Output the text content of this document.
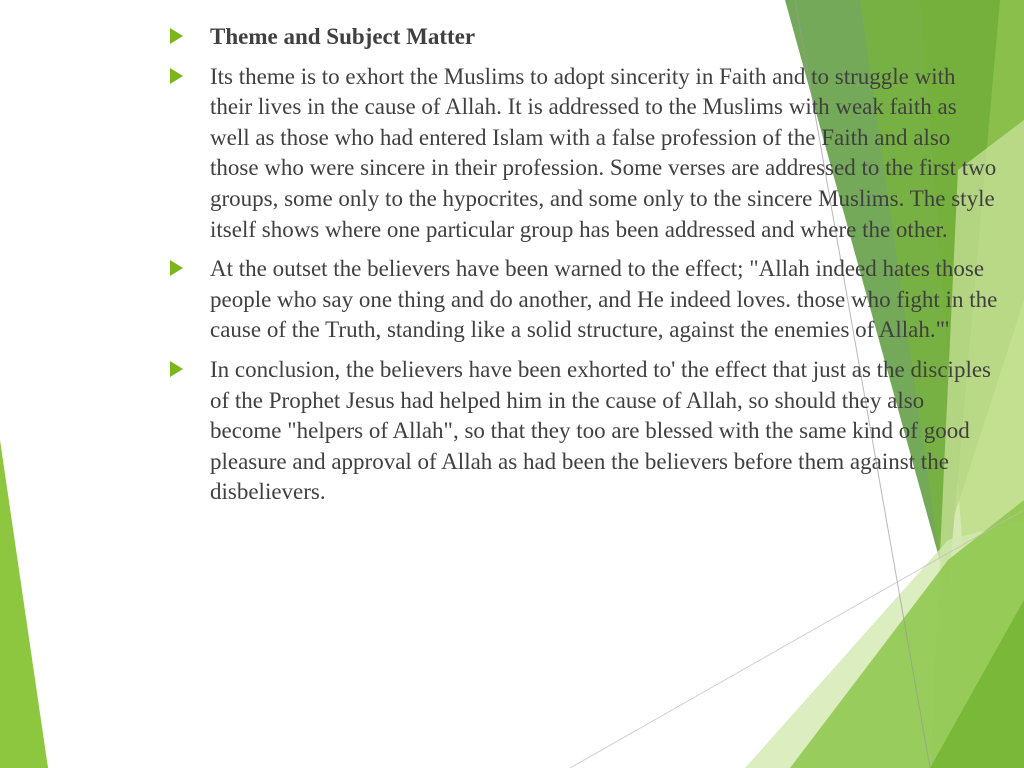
Theme and Subject Matter
Its theme is to exhort the Muslims to adopt sincerity in Faith and to struggle with their lives in the cause of Allah. It is addressed to the Muslims with weak faith as well as those who had entered Islam with a false profession of the Faith and also those who were sincere in their profession. Some verses are addressed to the first two groups, some only to the hypocrites, and some only to the sincere Muslims. The style itself shows where one particular group has been addressed and where the other.
At the outset the believers have been warned to the effect; "Allah indeed hates those people who say one thing and do another, and He indeed loves. those who fight in the cause of the Truth, standing like a solid structure, against the enemies of Allah."'
In conclusion, the believers have been exhorted to' the effect that just as the disciples of the Prophet Jesus had helped him in the cause of Allah, so should they also become "helpers of Allah", so that they too are blessed with the same kind of good pleasure and approval of Allah as had been the believers before them against the disbelievers.
